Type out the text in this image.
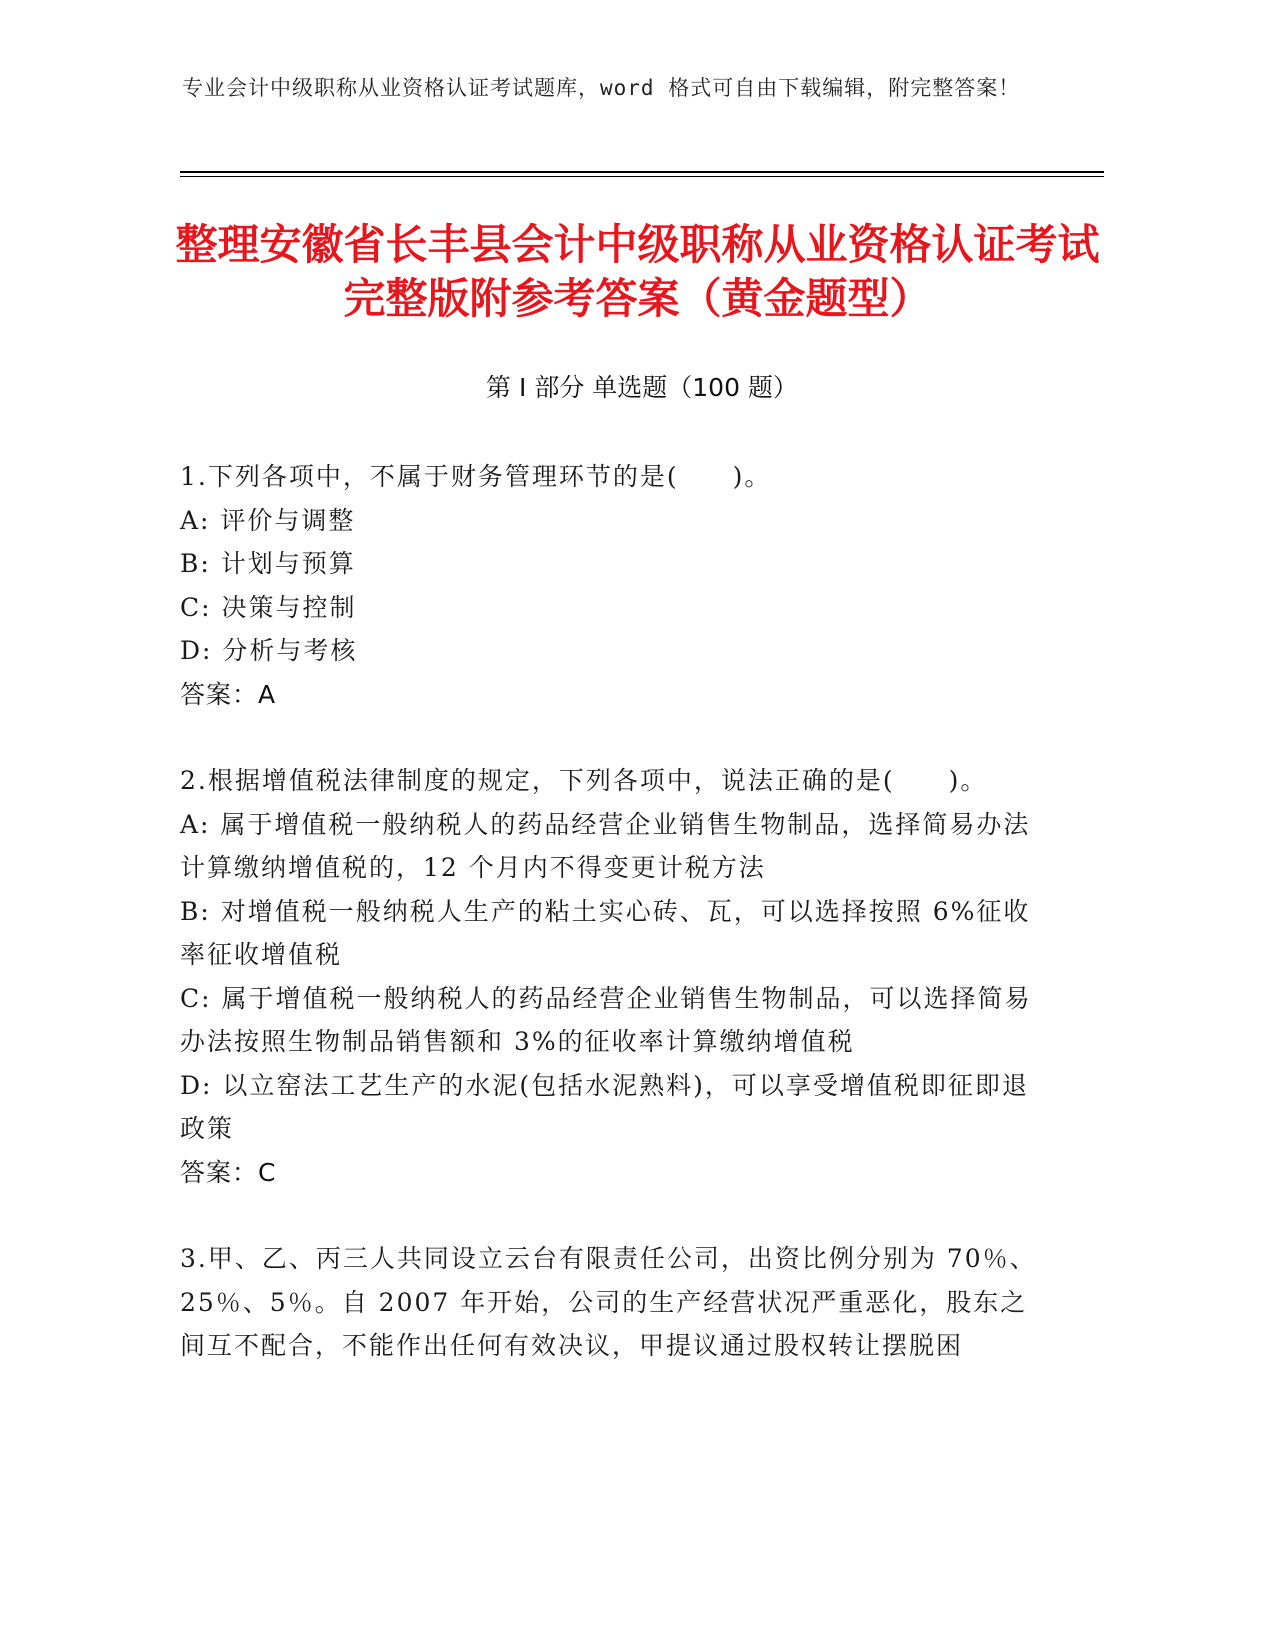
专业会计中级职称从业资格认证考试题库，word 格式可自由下载编辑，附完整答案！
整理安徽省长丰县会计中级职称从业资格认证考试完整版附参考答案（黄金题型）
第 I 部分 单选题（100 题）
1.下列各项中，不属于财务管理环节的是(　　)。
A: 评价与调整
B: 计划与预算
C: 决策与控制
D: 分析与考核
答案：A
2.根据增值税法律制度的规定，下列各项中，说法正确的是(　　)。
A: 属于增值税一般纳税人的药品经营企业销售生物制品，选择简易办法计算缴纳增值税的，12 个月内不得变更计税方法
B: 对增值税一般纳税人生产的粘土实心砖、瓦，可以选择按照 6%征收率征收增值税
C: 属于增值税一般纳税人的药品经营企业销售生物制品，可以选择简易办法按照生物制品销售额和 3%的征收率计算缴纳增值税
D: 以立窑法工艺生产的水泥(包括水泥熟料)，可以享受增值税即征即退政策
答案：C
3.甲、乙、丙三人共同设立云台有限责任公司，出资比例分别为 70％、25％、5％。自 2007 年开始，公司的生产经营状况严重恶化，股东之间互不配合，不能作出任何有效决议，甲提议通过股权转让摆脱困
